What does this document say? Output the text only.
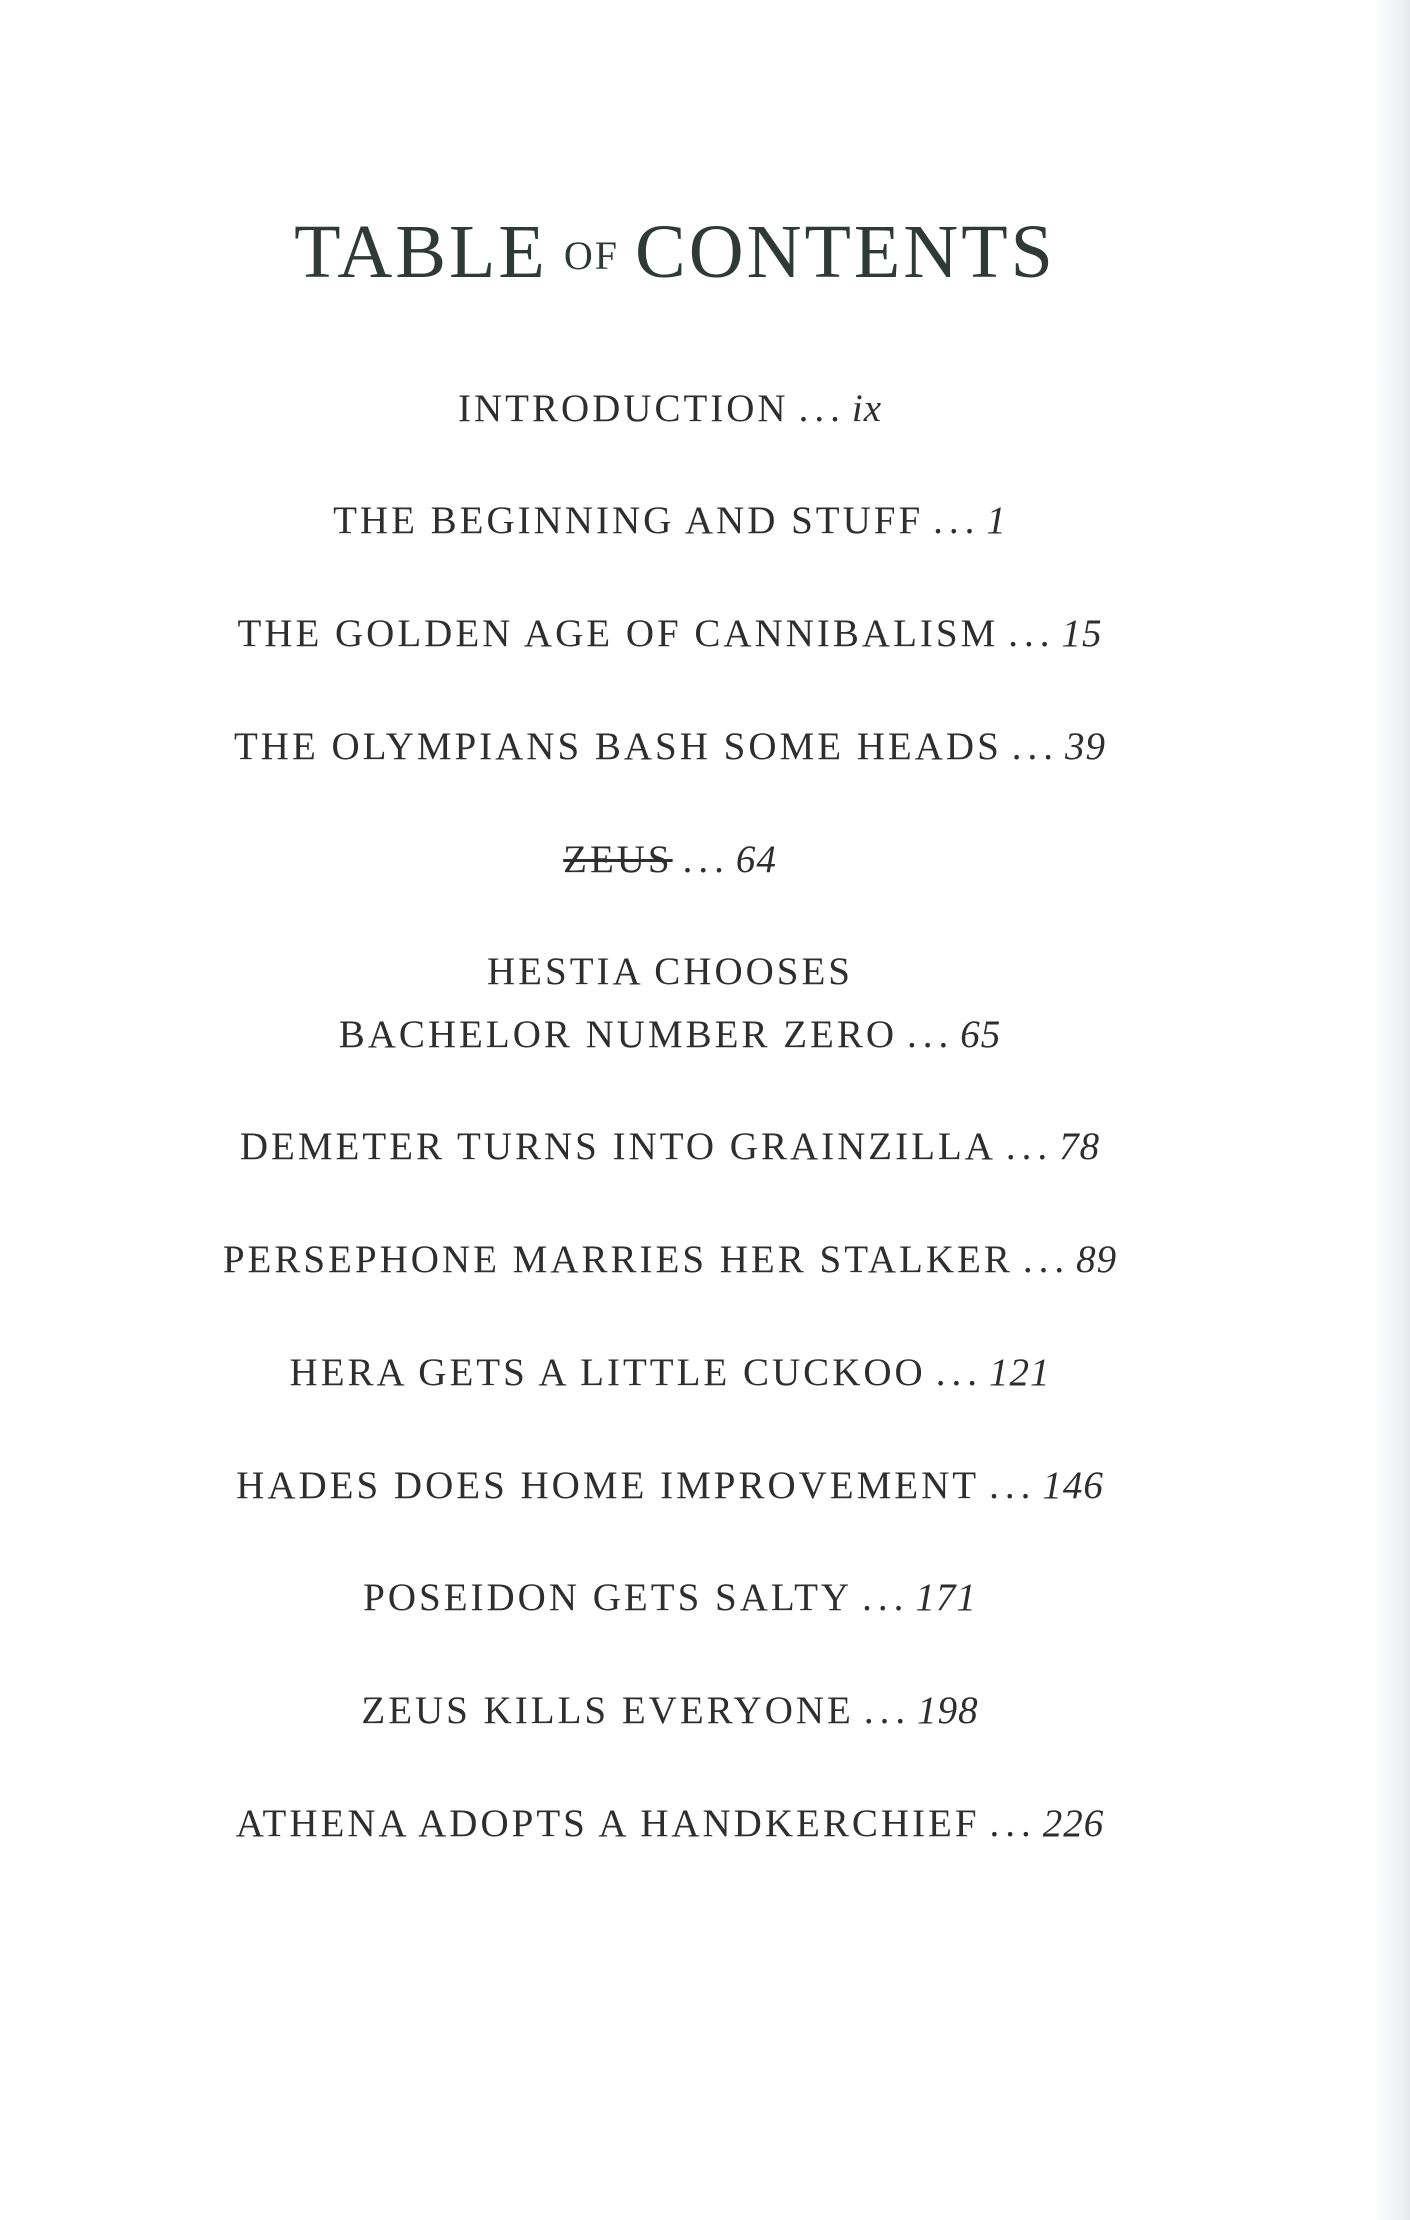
TABLE OF CONTENTS
INTRODUCTION ... ix
THE BEGINNING AND STUFF ... 1
THE GOLDEN AGE OF CANNIBALISM ... 15
THE OLYMPIANS BASH SOME HEADS ... 39
ZEUS ... 64
HESTIA CHOOSES
BACHELOR NUMBER ZERO ... 65
DEMETER TURNS INTO GRAINZILLA ... 78
PERSEPHONE MARRIES HER STALKER ... 89
HERA GETS A LITTLE CUCKOO ... 121
HADES DOES HOME IMPROVEMENT ... 146
POSEIDON GETS SALTY ... 171
ZEUS KILLS EVERYONE ... 198
ATHENA ADOPTS A HANDKERCHIEF ... 226
